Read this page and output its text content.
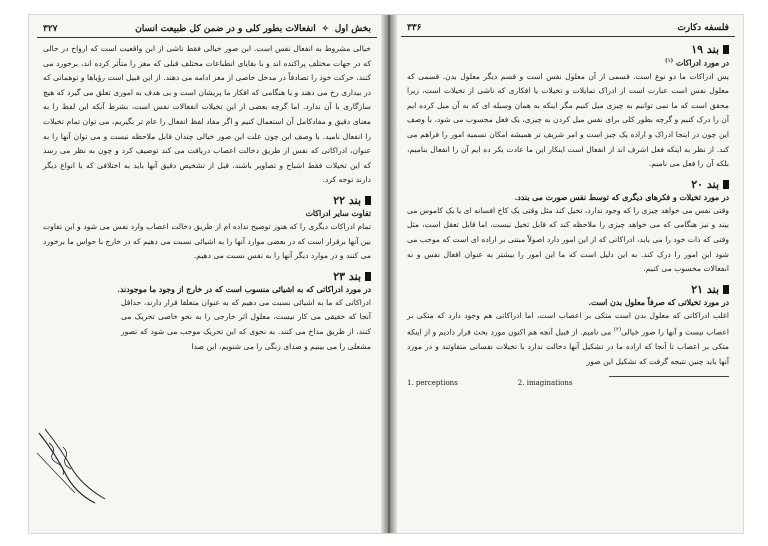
بخش اول ✧ انفعالات بطور کلی و در ضمن کل طبیعت انسان
۳۲۷

خیالی مشروط به انفعال نفس است. این صور خیالی فقط ناشی از این واقعیت است که ارواح در حالی که در جهات مختلف پراکنده اند و با بقایای انطباعات مختلف قبلی که مغز را متأثر کرده اند، برخورد می کنند، حرکت خود را تصادفاً در مدخل خاصی از مغز ادامه می دهند. از این قبیل است رؤیاها و توهماتی که در بیداری رخ می دهند و یا هنگامی که افکار ما پریشان است و بی هدف به اموری تعلق می گیرد که هیچ سازگاری با آن ندارد. اما گرچه بعضی از این تخیلات انفعالات نفس است، بشرط آنکه این لفظ را به معنای دقیق و مفادکامل آن استعمال کنیم و اگر مفاد لفظ انفعال را عام تر بگیریم، می توان تمام تخیلات را انفعال نامید. با وصف این چون علت این صور خیالی چندان قابل ملاحظه نیست و می توان آنها را به عنوان، ادراکاتی که نفس از طریق دخالت اعصاب دریافت می کند توصیف کرد و چون به نظر می رسد که این تخیلات فقط اشباح و تصاویر باشند، قبل از تشخیص دقیق آنها باید به اختلافی که با انواع دیگر دارند توجه کرد.

بند ۲۲
تفاوت سایر ادراکات

تمام ادراکات دیگری را که هنوز توضیح نداده ام از طریق دخالت اعصاب وارد نفس می شود و این تفاوت بین آنها برقرار است که در بعضی موارد آنها را به اشیائی نسبت می دهیم که در خارج با حواس ما برخورد می کنند و در موارد دیگر آنها را به نفس نسبت می دهیم.

بند ۲۳
در مورد ادراکاتی که به اشیائی منسوب است که در خارج از وجود ما موجودند.

ادراکاتی که ما به اشیائی نسبت می دهیم که به عنوان متعلقا قرار دارند، حداقل آنجا که حقیقی می کار نیست، معلول اثر خارجی را به نحو خاصی تحریک می کنند، از طریق مداخ می کنند. به نحوی که این تحریک موجب می شود که تصور مشعلی را می بینیم و صدای زنگی را می شنویم، این صدا

فلسفه دکارت
۳۳۶
بند ۱۹
در مورد ادراکات $^{(۱)}$

پس ادراکات ما دو نوع است. قسمی از آن معلول نفس است و قسم دیگر معلول بدن. قسمی که معلول نفس است عبارت است از ادراک تمایلات و تخیلات یا افکاری که ناشی از تخیلات است، زیرا محقق است که ما نمی توانیم به چیزی میل کنیم مگر اینکه به همان وسیله ای که به آن میل کرده ایم آن را درک کنیم و گرچه بطور کلی برای نفس میل کردن به چیزی، یک فعل محسوب می شود، با وصف این چون در اینجا ادراک و اراده یک چیز است و امر شریف تر همیشه امکان تسمیه امور را فراهم می کند. از نظر به اینکه فعل اشرف اند از انفعال است اینکار این ما عادت بکر ده ایم آن را انفعال بنامیم، بلکه آن را فعل می نامیم.

بند ۲۰
در مورد تخیلات و فکرهای دیگری که توسط نفس صورت می بندد.

وقتی نفس می خواهد چیزی را که وجود ندارد، تخیل کند مثل وقتی یک کاخ افسانه ای یا یک کاموس می بیند و نیز هنگامی که می خواهد چیزی را ملاحظه کند که قابل تخیل نیست، اما قابل تعقل است، مثل وقتی که ذات خود را می یابد، ادراکاتی که از این امور دارد اصولاً مبتنی بر اراده ای است که موجب می شود این امور را درک کند. به این دلیل است که ما این امور را بیشتر به عنوان افعال نفس و نه انفعالات محسوب می کنیم.

بند ۲۱
در مورد تخیلاتی که صرفاً معلول بدن است.

اغلب ادراکاتی که معلول بدن است متکی بر اعصاب است، اما ادراکاتی هم وجود دارد که متکی بر اعصاب نیست و آنها را صور خیالی$^{(۲)}$ می نامیم. از قبیل آنچه هم اکنون مورد بحث قرار دادیم و از اینکه متکی بر اعصاب تا آنجا که اراده ما در تشکیل آنها دخالت ندارد با تخیلات نفسانی متفاوتند و در مورد آنها باید چنین نتیجه گرفت که تشکیل این صور

1. perceptions	2. imaginations
